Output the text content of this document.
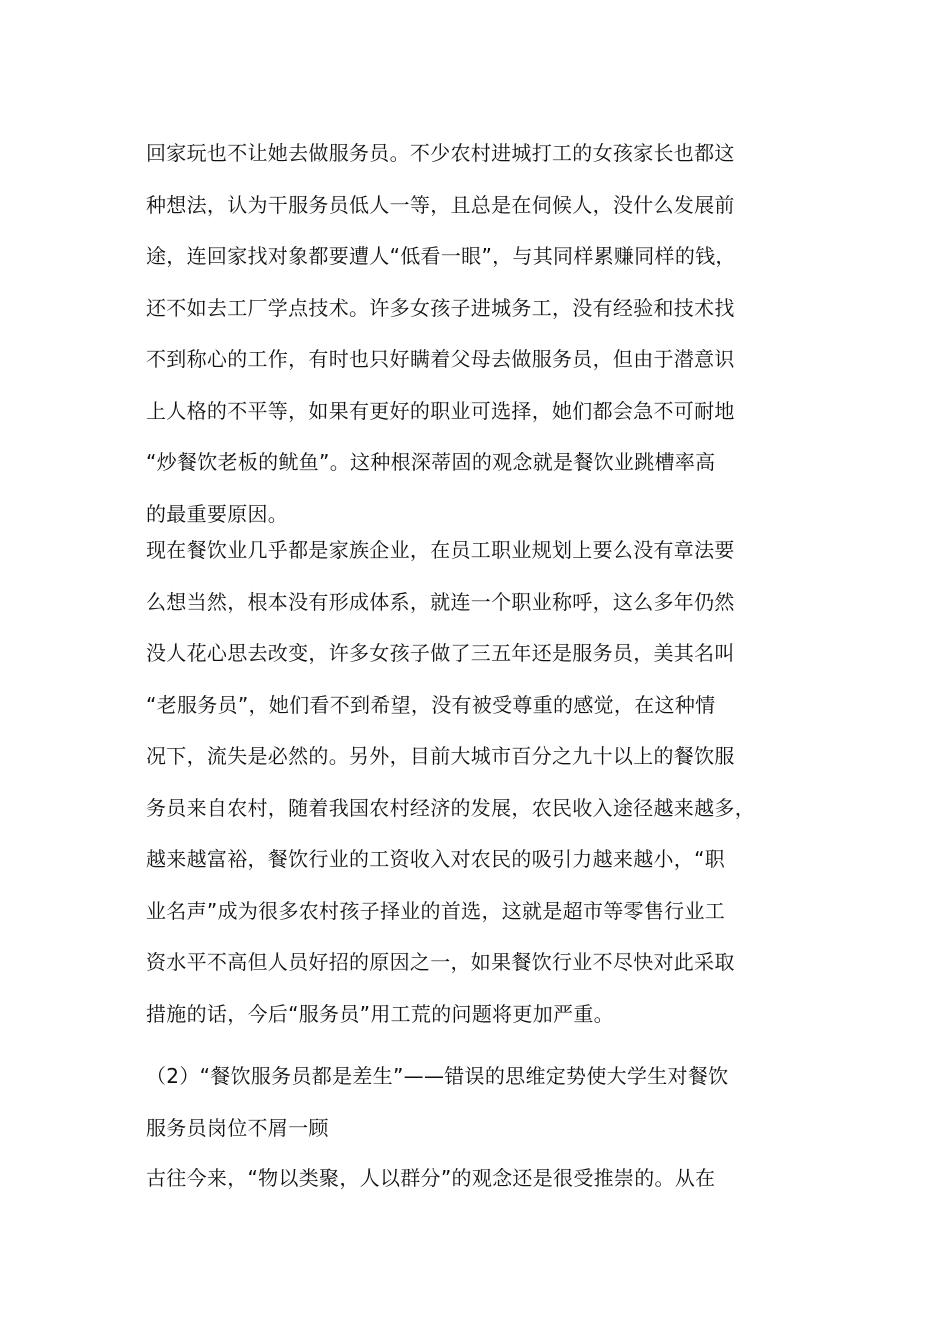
回家玩也不让她去做服务员。不少农村进城打工的女孩家长也都这
种想法，认为干服务员低人一等，且总是在伺候人，没什么发展前
途，连回家找对象都要遭人“低看一眼”，与其同样累赚同样的钱，
还不如去工厂学点技术。许多女孩子进城务工，没有经验和技术找
不到称心的工作，有时也只好瞒着父母去做服务员，但由于潜意识
上人格的不平等，如果有更好的职业可选择，她们都会急不可耐地
“炒餐饮老板的鱿鱼”。这种根深蒂固的观念就是餐饮业跳槽率高
的最重要原因。
现在餐饮业几乎都是家族企业，在员工职业规划上要么没有章法要
么想当然，根本没有形成体系，就连一个职业称呼，这么多年仍然
没人花心思去改变，许多女孩子做了三五年还是服务员，美其名叫
“老服务员”，她们看不到希望，没有被受尊重的感觉，在这种情
况下，流失是必然的。另外，目前大城市百分之九十以上的餐饮服
务员来自农村，随着我国农村经济的发展，农民收入途径越来越多，
越来越富裕，餐饮行业的工资收入对农民的吸引力越来越小，“职
业名声”成为很多农村孩子择业的首选，这就是超市等零售行业工
资水平不高但人员好招的原因之一，如果餐饮行业不尽快对此采取
措施的话，今后“服务员”用工荒的问题将更加严重。
（2）“餐饮服务员都是差生”——错误的思维定势使大学生对餐饮
服务员岗位不屑一顾
古往今来，“物以类聚，人以群分”的观念还是很受推崇的。从在
